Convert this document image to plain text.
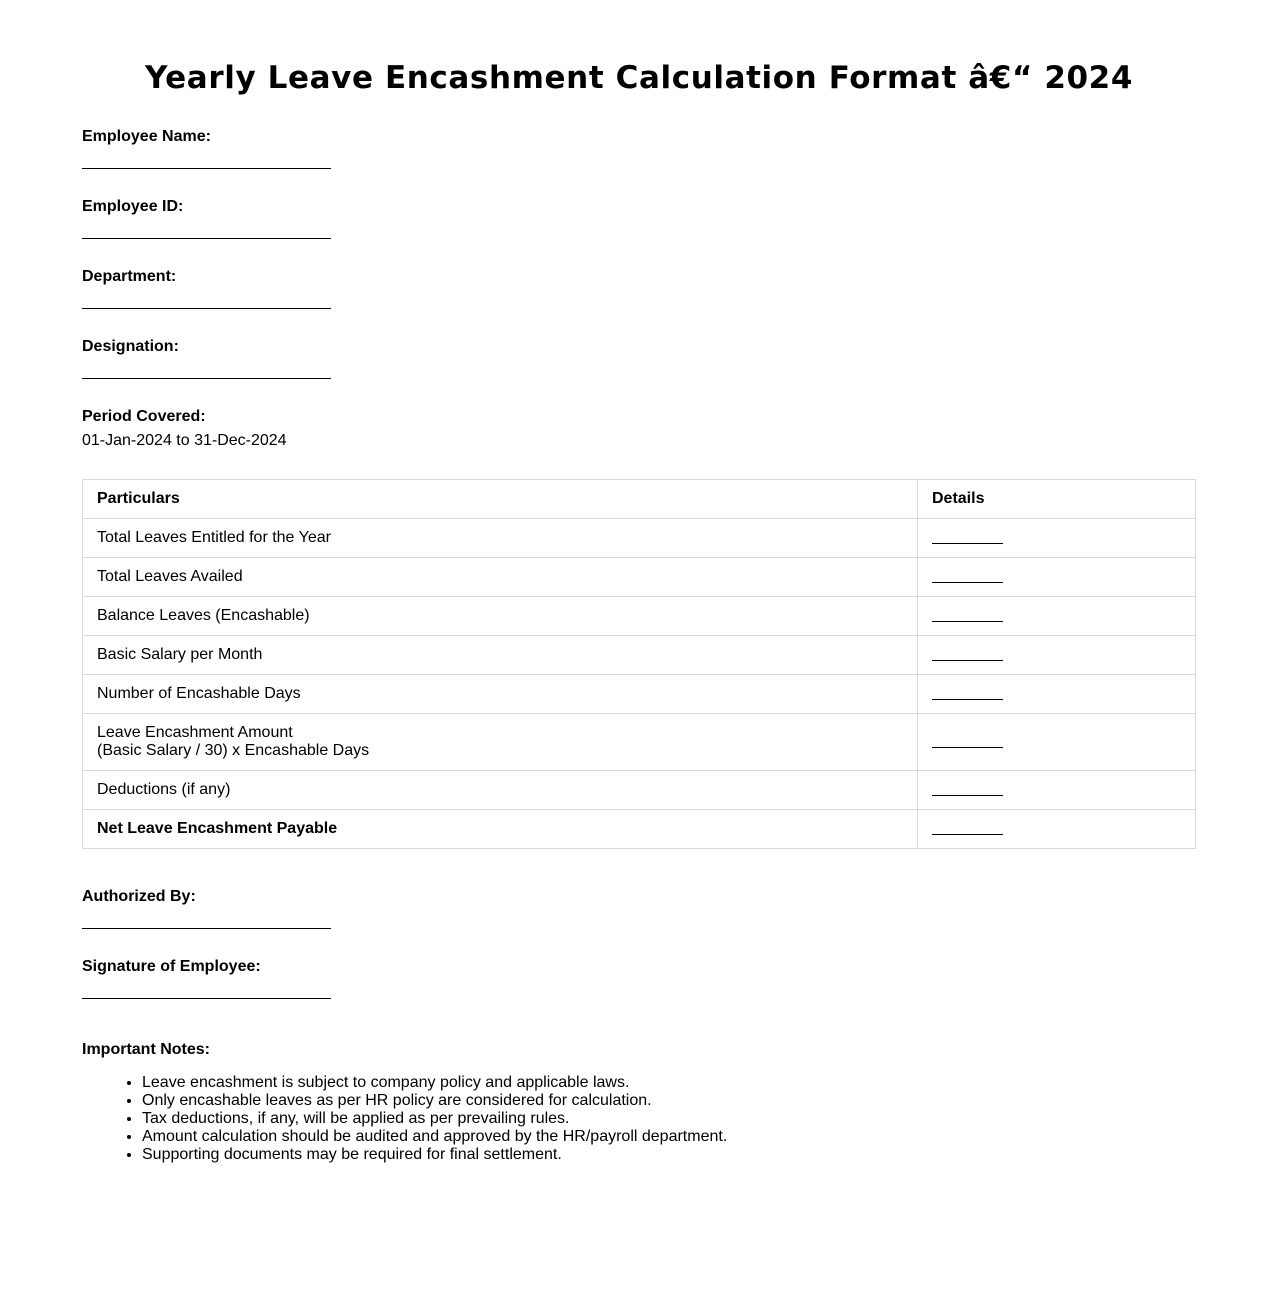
Yearly Leave Encashment Calculation Format â€“ 2024
Employee Name:
Employee ID:
Department:
Designation:
Period Covered:
01-Jan-2024 to 31-Dec-2024
Particulars	Details
Total Leaves Entitled for the Year	
Total Leaves Availed	
Balance Leaves (Encashable)	
Basic Salary per Month	
Number of Encashable Days	

Leave Encashment Amount
(Basic Salary / 30) x Encashable Days	

Deductions (if any)	
Net Leave Encashment Payable	
Authorized By:
Signature of Employee:
Important Notes:
• Leave encashment is subject to company policy and applicable laws.
• Only encashable leaves as per HR policy are considered for calculation.
• Tax deductions, if any, will be applied as per prevailing rules.
• Amount calculation should be audited and approved by the HR/payroll department.
• Supporting documents may be required for final settlement.
